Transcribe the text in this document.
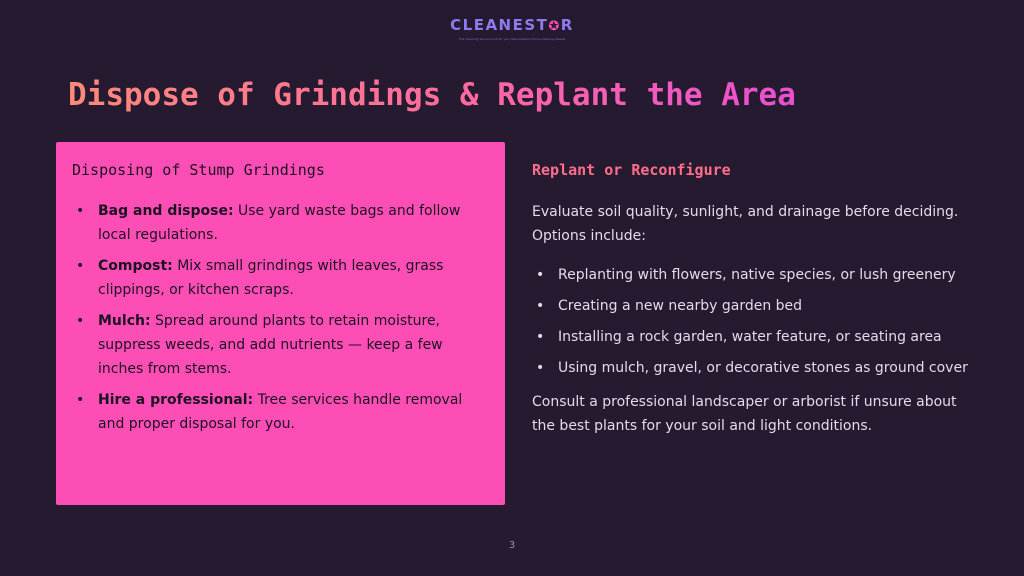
CLEANEST✪R
The Cleaning Service Link for your New Zealand Home Cleaning Needs
Dispose of Grindings & Replant the Area
Disposing of Stump Grindings
• Bag and dispose: Use yard waste bags and follow local regulations.
• Compost: Mix small grindings with leaves, grass clippings, or kitchen scraps.
• Mulch: Spread around plants to retain moisture, suppress weeds, and add nutrients — keep a few inches from stems.
• Hire a professional: Tree services handle removal and proper disposal for you.
Replant or Reconfigure

Evaluate soil quality, sunlight, and drainage before deciding. Options include:

• Replanting with flowers, native species, or lush greenery
• Creating a new nearby garden bed
• Installing a rock garden, water feature, or seating area
• Using mulch, gravel, or decorative stones as ground cover

Consult a professional landscaper or arborist if unsure about the best plants for your soil and light conditions.

3
